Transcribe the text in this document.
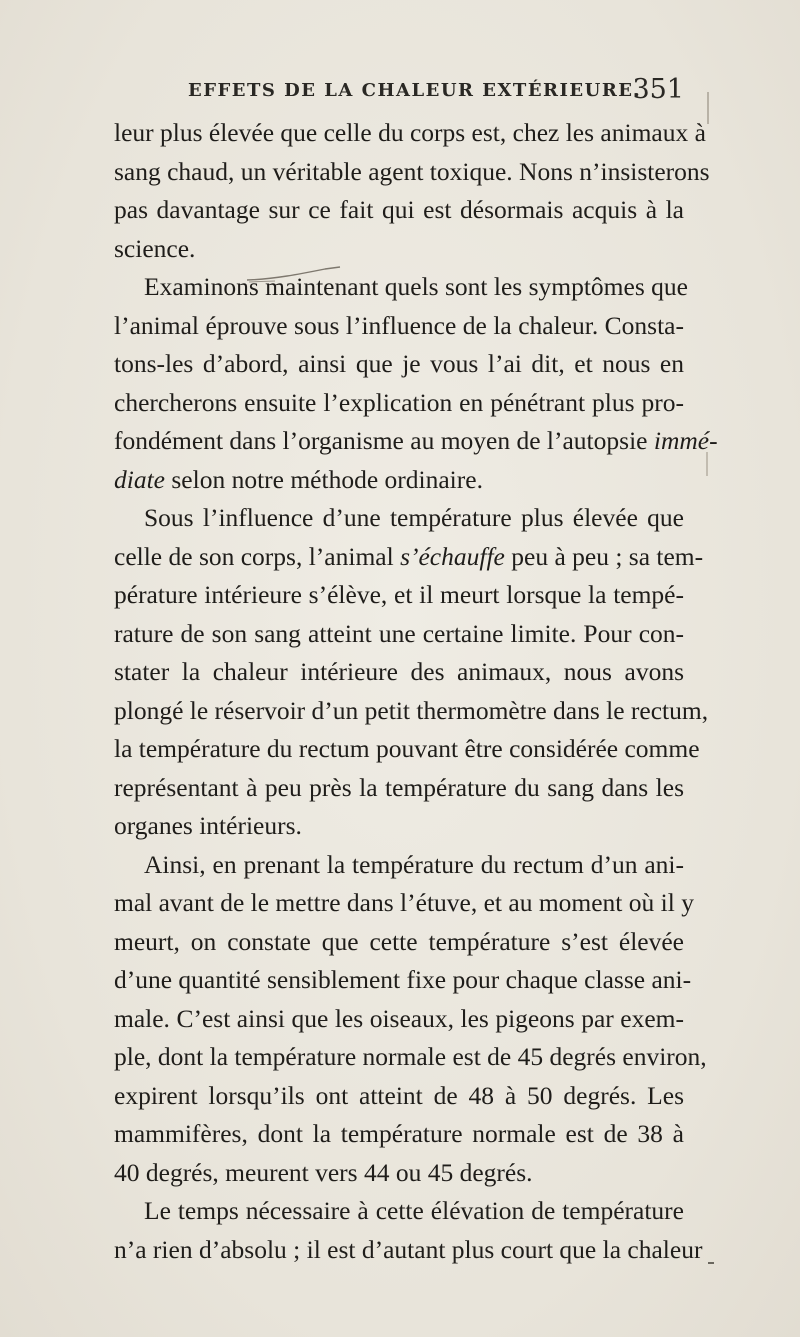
EFFETS DE LA CHALEUR EXTÉRIEURE.
351
leur plus élevée que celle du corps est, chez les animaux à
sang chaud, un véritable agent toxique. Nons n’insisterons
pas davantage sur ce fait qui est désormais acquis à la
science.
Examinons maintenant quels sont les symptômes que
l’animal éprouve sous l’influence de la chaleur. Consta-
tons-les d’abord, ainsi que je vous l’ai dit, et nous en
chercherons ensuite l’explication en pénétrant plus pro-
fondément dans l’organisme au moyen de l’autopsie immé-
diate selon notre méthode ordinaire.
Sous l’influence d’une température plus élevée que
celle de son corps, l’animal s’échauffe peu à peu ; sa tem-
pérature intérieure s’élève, et il meurt lorsque la tempé-
rature de son sang atteint une certaine limite. Pour con-
stater la chaleur intérieure des animaux, nous avons
plongé le réservoir d’un petit thermomètre dans le rectum,
la température du rectum pouvant être considérée comme
représentant à peu près la température du sang dans les
organes intérieurs.
Ainsi, en prenant la température du rectum d’un ani-
mal avant de le mettre dans l’étuve, et au moment où il y
meurt, on constate que cette température s’est élevée
d’une quantité sensiblement fixe pour chaque classe ani-
male. C’est ainsi que les oiseaux, les pigeons par exem-
ple, dont la température normale est de 45 degrés environ,
expirent lorsqu’ils ont atteint de 48 à 50 degrés. Les
mammifères, dont la température normale est de 38 à
40 degrés, meurent vers 44 ou 45 degrés.
Le temps nécessaire à cette élévation de température
n’a rien d’absolu ; il est d’autant plus court que la chaleur
